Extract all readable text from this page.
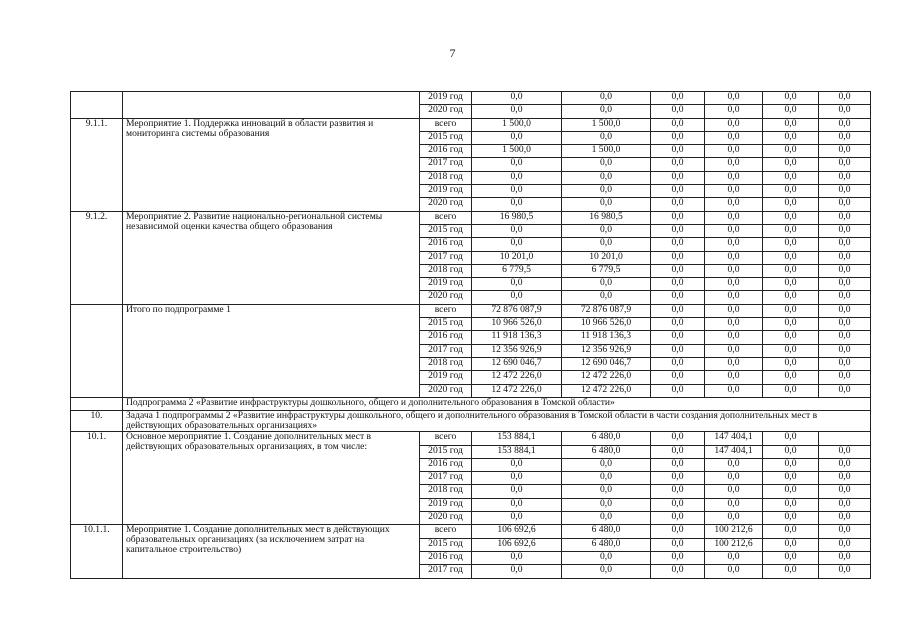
7
		2019 год	0,0	0,0	0,0	0,0	0,0	0,0
		2020 год	0,0	0,0	0,0	0,0	0,0	0,0
9.1.1.	Мероприятие 1. Поддержка инноваций в области развития и мониторинга системы образования	всего	1 500,0	1 500,0	0,0	0,0	0,0	0,0
		2015 год	0,0	0,0	0,0	0,0	0,0	0,0
		2016 год	1 500,0	1 500,0	0,0	0,0	0,0	0,0
		2017 год	0,0	0,0	0,0	0,0	0,0	0,0
		2018 год	0,0	0,0	0,0	0,0	0,0	0,0
		2019 год	0,0	0,0	0,0	0,0	0,0	0,0
		2020 год	0,0	0,0	0,0	0,0	0,0	0,0
9.1.2.	Мероприятие 2. Развитие национально-региональной системы независимой оценки качества общего образования	всего	16 980,5	16 980,5	0,0	0,0	0,0	0,0
		2015 год	0,0	0,0	0,0	0,0	0,0	0,0
		2016 год	0,0	0,0	0,0	0,0	0,0	0,0
		2017 год	10 201,0	10 201,0	0,0	0,0	0,0	0,0
		2018 год	6 779,5	6 779,5	0,0	0,0	0,0	0,0
		2019 год	0,0	0,0	0,0	0,0	0,0	0,0
		2020 год	0,0	0,0	0,0	0,0	0,0	0,0
	Итого по подпрограмме 1	всего	72 876 087,9	72 876 087,9	0,0	0,0	0,0	0,0
		2015 год	10 966 526,0	10 966 526,0	0,0	0,0	0,0	0,0
		2016 год	11 918 136,3	11 918 136,3	0,0	0,0	0,0	0,0
		2017 год	12 356 926,9	12 356 926,9	0,0	0,0	0,0	0,0
		2018 год	12 690 046,7	12 690 046,7	0,0	0,0	0,0	0,0
		2019 год	12 472 226,0	12 472 226,0	0,0	0,0	0,0	0,0
		2020 год	12 472 226,0	12 472 226,0	0,0	0,0	0,0	0,0
	Подпрограмма 2 «Развитие инфраструктуры дошкольного, общего и дополнительного образования в Томской области»							
10.	Задача 1 подпрограммы 2 «Развитие инфраструктуры дошкольного, общего и дополнительного образования в Томской области в части создания дополнительных мест в действующих образовательных организациях»							
10.1.	Основное мероприятие 1. Создание дополнительных мест в действующих образовательных организациях, в том числе:	всего	153 884,1	6 480,0	0,0	147 404,1	0,0	
		2015 год	153 884,1	6 480,0	0,0	147 404,1	0,0	0,0
		2016 год	0,0	0,0	0,0	0,0	0,0	0,0
		2017 год	0,0	0,0	0,0	0,0	0,0	0,0
		2018 год	0,0	0,0	0,0	0,0	0,0	0,0
		2019 год	0,0	0,0	0,0	0,0	0,0	0,0
		2020 год	0,0	0,0	0,0	0,0	0,0	0,0
10.1.1.	Мероприятие 1. Создание дополнительных мест в действующих образовательных организациях (за исключением затрат на капитальное строительство)	всего	106 692,6	6 480,0	0,0	100 212,6	0,0	0,0
		2015 год	106 692,6	6 480,0	0,0	100 212,6	0,0	0,0
		2016 год	0,0	0,0	0,0	0,0	0,0	0,0
		2017 год	0,0	0,0	0,0	0,0	0,0	0,0
